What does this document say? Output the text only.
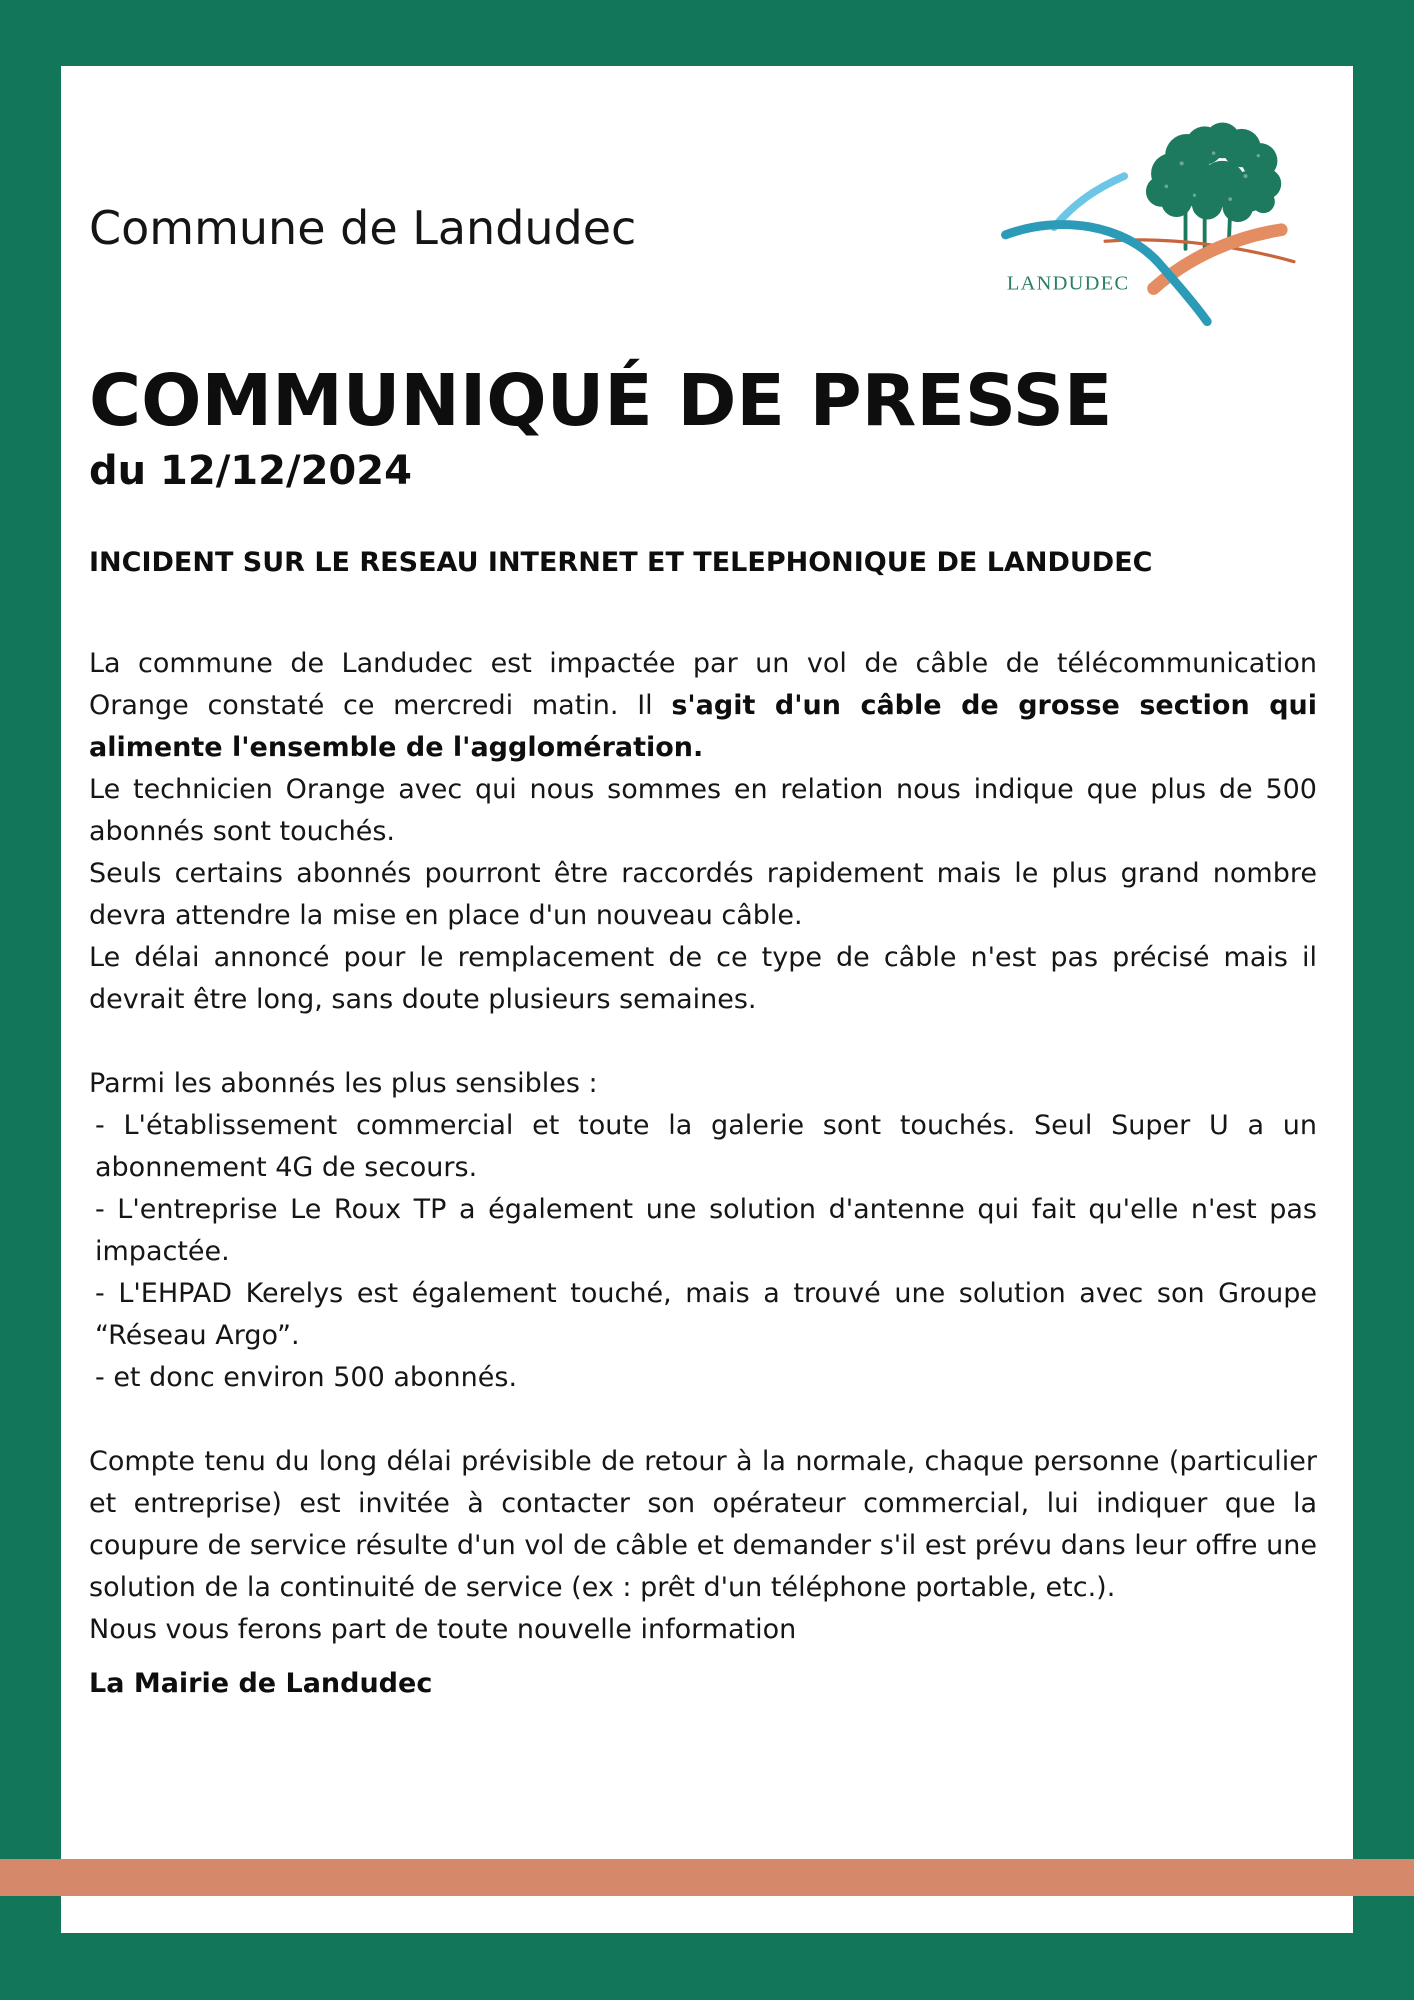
Commune de Landudec

LANDUDEC
COMMUNIQUÉ DE PRESSE
du 12/12/2024
INCIDENT SUR LE RESEAU INTERNET ET TELEPHONIQUE DE LANDUDEC

La commune de Landudec est impactée par un vol de câble de télécommunication Orange constaté ce mercredi matin. Il s'agit d'un câble de grosse section qui alimente l'ensemble de l'agglomération.

Le technicien Orange avec qui nous sommes en relation nous indique que plus de 500 abonnés sont touchés.

Seuls certains abonnés pourront être raccordés rapidement mais le plus grand nombre devra attendre la mise en place d'un nouveau câble.

Le délai annoncé pour le remplacement de ce type de câble n'est pas précisé mais il devrait être long, sans doute plusieurs semaines.

Parmi les abonnés les plus sensibles :

- L'établissement commercial et toute la galerie sont touchés. Seul Super U a un abonnement 4G de secours.

- L'entreprise Le Roux TP a également une solution d'antenne qui fait qu'elle n'est pas impactée.

- L'EHPAD Kerelys est également touché, mais a trouvé une solution avec son Groupe “Réseau Argo”.

- et donc environ 500 abonnés.

Compte tenu du long délai prévisible de retour à la normale, chaque personne (particulier et entreprise) est invitée à contacter son opérateur commercial, lui indiquer que la coupure de service résulte d'un vol de câble et demander s'il est prévu dans leur offre une solution de la continuité de service (ex : prêt d'un téléphone portable, etc.).

Nous vous ferons part de toute nouvelle information

La Mairie de Landudec
